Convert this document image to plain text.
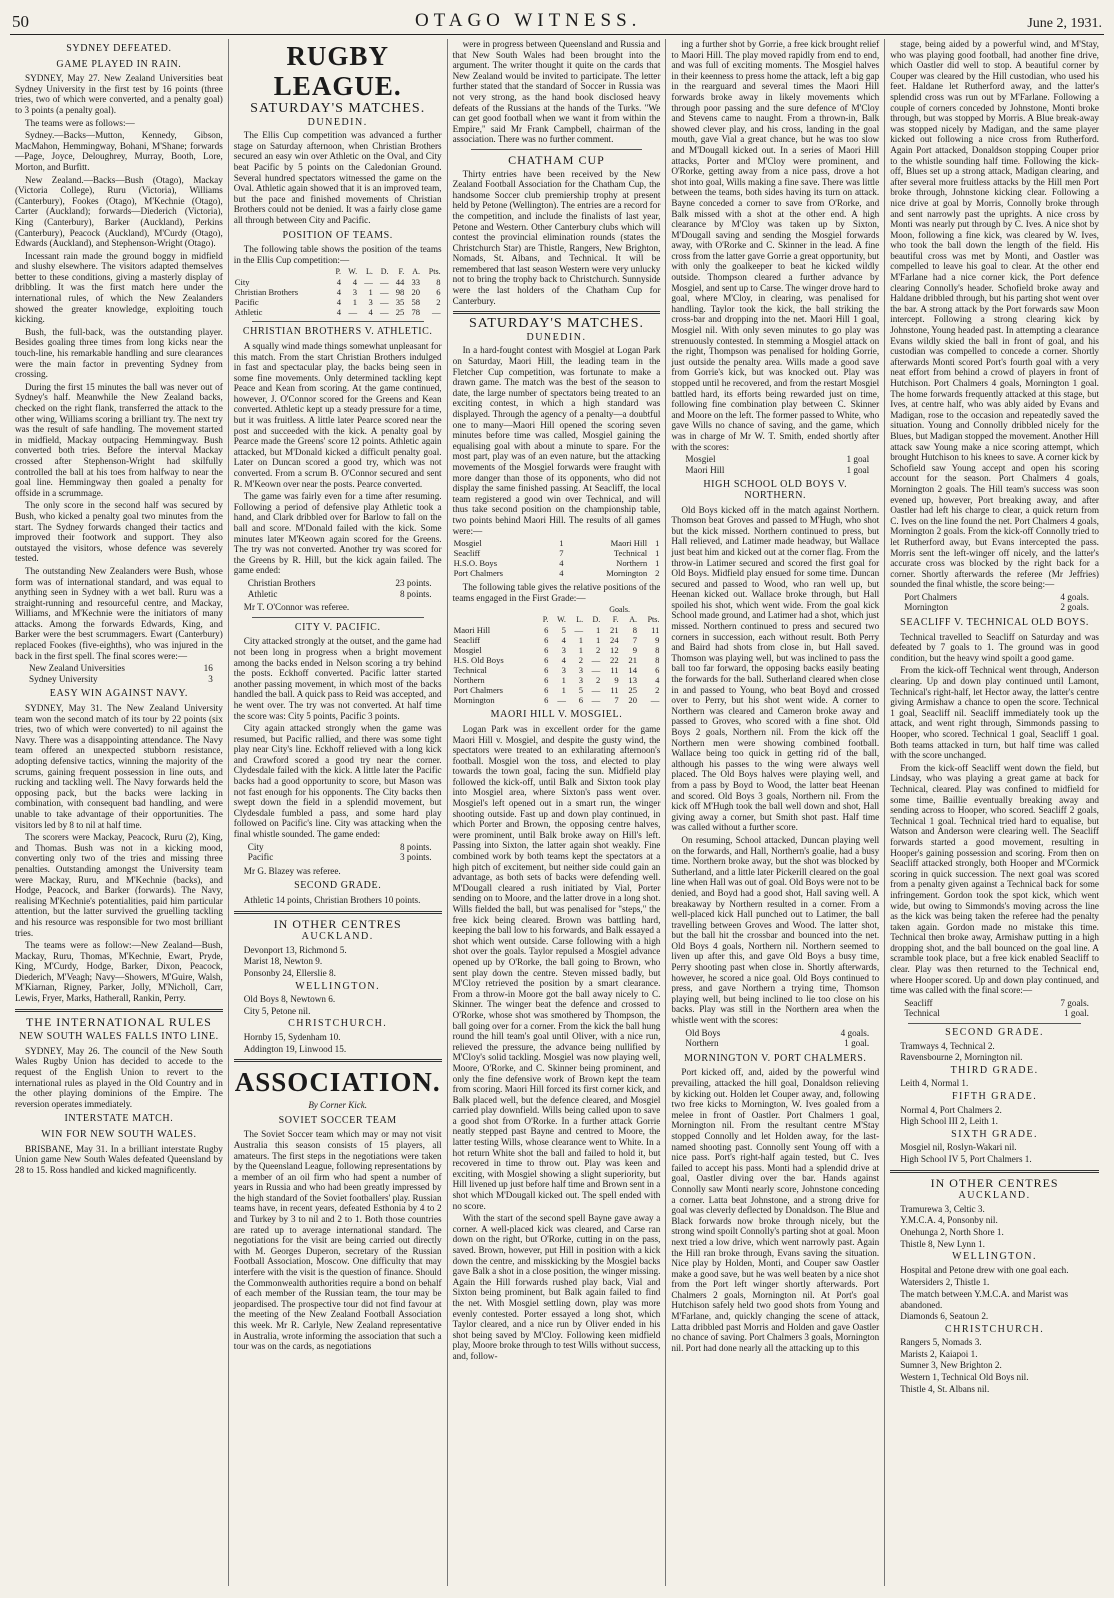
50	OTAGO WITNESS.	June 2, 1931.
SYDNEY DEFEATED.
GAME PLAYED IN RAIN.

SYDNEY, May 27. New Zealand Universities beat Sydney University in the first test by 16 points (three tries, two of which were converted, and a penalty goal) to 3 points (a penalty goal).

The teams were as follows:—

Sydney.—Backs—Mutton, Kennedy, Gibson, MacMahon, Hemmingway, Bohani, M'Shane; forwards—Page, Joyce, Deloughrey, Murray, Booth, Lore, Morton, and Burfitt.

New Zealand.—Backs—Bush (Otago), Mackay (Victoria College), Ruru (Victoria), Williams (Canterbury), Fookes (Otago), M'Kechnie (Otago), Carter (Auckland); forwards—Diederich (Victoria), King (Canterbury), Barker (Auckland), Perkins (Canterbury), Peacock (Auckland), M'Curdy (Otago), Edwards (Auckland), and Stephenson-Wright (Otago).

Incessant rain made the ground boggy in midfield and slushy elsewhere. The visitors adapted themselves better to these conditions, giving a masterly display of dribbling. It was the first match here under the international rules, of which the New Zealanders showed the greater knowledge, exploiting touch kicking.

Bush, the full-back, was the outstanding player. Besides goaling three times from long kicks near the touch-line, his remarkable handling and sure clearances were the main factor in preventing Sydney from crossing.

During the first 15 minutes the ball was never out of Sydney's half. Meanwhile the New Zealand backs, checked on the right flank, transferred the attack to the other wing, Williams scoring a brilliant try. The next try was the result of safe handling. The movement started in midfield, Mackay outpacing Hemmingway. Bush converted both tries. Before the interval Mackay crossed after Stephenson-Wright had skilfully controlled the ball at his toes from halfway to near the goal line. Hemmingway then goaled a penalty for offside in a scrummage.

The only score in the second half was secured by Bush, who kicked a penalty goal two minutes from the start. The Sydney forwards changed their tactics and improved their footwork and support. They also outstayed the visitors, whose defence was severely tested.

The outstanding New Zealanders were Bush, whose form was of international standard, and was equal to anything seen in Sydney with a wet ball. Ruru was a straight-running and resourceful centre, and Mackay, Williams, and M'Kechnie were the initiators of many attacks. Among the forwards Edwards, King, and Barker were the best scrummagers. Ewart (Canterbury) replaced Fookes (five-eighths), who was injured in the back in the first spell. The final scores were:—

New Zealand Universities	16
Sydney University	3
EASY WIN AGAINST NAVY.

SYDNEY, May 31. The New Zealand University team won the second match of its tour by 22 points (six tries, two of which were converted) to nil against the Navy. There was a disappointing attendance. The Navy team offered an unexpected stubborn resistance, adopting defensive tactics, winning the majority of the scrums, gaining frequent possession in line outs, and rucking and tackling well. The Navy forwards held the opposing pack, but the backs were lacking in combination, with consequent bad handling, and were unable to take advantage of their opportunities. The visitors led by 8 to nil at half time.

The scorers were Mackay, Peacock, Ruru (2), King, and Thomas. Bush was not in a kicking mood, converting only two of the tries and missing three penalties. Outstanding amongst the University team were Mackay, Ruru, and M'Kechnie (backs), and Hodge, Peacock, and Barker (forwards). The Navy, realising M'Kechnie's potentialities, paid him particular attention, but the latter survived the gruelling tackling and his resource was responsible for two most brilliant tries.

The teams were as follow:—New Zealand—Bush, Mackay, Ruru, Thomas, M'Kechnie, Ewart, Pryde, King, M'Curdy, Hodge, Barker, Dixon, Peacock, Diederich, M'Veagh; Navy—Showers, M'Guire, Walsh, M'Kiarnan, Rigney, Parker, Jolly, M'Nicholl, Carr, Lewis, Fryer, Marks, Hatherall, Rankin, Perry.

THE INTERNATIONAL RULES
NEW SOUTH WALES FALLS INTO LINE.

SYDNEY, May 26. The council of the New South Wales Rugby Union has decided to accede to the request of the English Union to revert to the international rules as played in the Old Country and in the other playing dominions of the Empire. The reversion operates immediately.

INTERSTATE MATCH.
WIN FOR NEW SOUTH WALES.

BRISBANE, May 31. In a brilliant interstate Rugby Union game New South Wales defeated Queensland by 28 to 15. Ross handled and kicked magnificently.

RUGBY LEAGUE.
SATURDAY'S MATCHES.
DUNEDIN.

The Ellis Cup competition was advanced a further stage on Saturday afternoon, when Christian Brothers secured an easy win over Athletic on the Oval, and City beat Pacific by 5 points on the Caledonian Ground. Several hundred spectators witnessed the game on the Oval. Athletic again showed that it is an improved team, but the pace and finished movements of Christian Brothers could not be denied. It was a fairly close game all through between City and Pacific.

POSITION OF TEAMS.

The following table shows the position of the teams in the Ellis Cup competition:—

	P.	W.	L.	D.	F.	A.	Pts.
City	4	4	—	—	44	33	8
Christian Brothers	4	3	1	—	98	20	6
Pacific	4	1	3	—	35	58	2
Athletic	4	—	4	—	25	78	—
CHRISTIAN BROTHERS V. ATHLETIC.

A squally wind made things somewhat unpleasant for this match. From the start Christian Brothers indulged in fast and spectacular play, the backs being seen in some fine movements. Only determined tackling kept Peace and Kean from scoring. At the game continued, however, J. O'Connor scored for the Greens and Kean converted. Athletic kept up a steady pressure for a time, but it was fruitless. A little later Pearce scored near the post and succeeded with the kick. A penalty goal by Pearce made the Greens' score 12 points. Athletic again attacked, but M'Donald kicked a difficult penalty goal. Later on Duncan scored a good try, which was not converted. From a scrum B. O'Connor secured and sent R. M'Keown over near the posts. Pearce converted.

The game was fairly even for a time after resuming. Following a period of defensive play Athletic took a hand, and Clark dribbled over for Barlow to fall on the ball and score. M'Donald failed with the kick. Some minutes later M'Keown again scored for the Greens. The try was not converted. Another try was scored for the Greens by R. Hill, but the kick again failed. The game ended:

Christian Brothers	23 points.
Athletic	8 points.

Mr T. O'Connor was referee.

CITY V. PACIFIC.

City attacked strongly at the outset, and the game had not been long in progress when a bright movement among the backs ended in Nelson scoring a try behind the posts. Eckhoff converted. Pacific latter started another passing movement, in which most of the backs handled the ball. A quick pass to Reid was accepted, and he went over. The try was not converted. At half time the score was: City 5 points, Pacific 3 points.

City again attacked strongly when the game was resumed, but Pacific rallied, and there was some tight play near City's line. Eckhoff relieved with a long kick and Crawford scored a good try near the corner. Clydesdale failed with the kick. A little later the Pacific backs had a good opportunity to score, but Mason was not fast enough for his opponents. The City backs then swept down the field in a splendid movement, but Clydesdale fumbled a pass, and some hard play followed on Pacific's line. City was attacking when the final whistle sounded. The game ended:

City	8 points.
Pacific	3 points.

Mr G. Blazey was referee.

SECOND GRADE.

Athletic 14 points, Christian Brothers 10 points.

IN OTHER CENTRES
AUCKLAND.
Devonport 13, Richmond 5.
Marist 18, Newton 9.
Ponsonby 24, Ellerslie 8.
WELLINGTON.
Old Boys 8, Newtown 6.
City 5, Petone nil.
CHRISTCHURCH.
Hornby 15, Sydenham 10.
Addington 19, Linwood 15.
ASSOCIATION.
By Corner Kick.
SOVIET SOCCER TEAM

The Soviet Soccer team which may or may not visit Australia this season consists of 15 players, all amateurs. The first steps in the negotiations were taken by the Queensland League, following representations by a member of an oil firm who had spent a number of years in Russia and who had been greatly impressed by the high standard of the Soviet footballers' play. Russian teams have, in recent years, defeated Esthonia by 4 to 2 and Turkey by 3 to nil and 2 to 1. Both those countries are rated up to average international standard. The negotiations for the visit are being carried out directly with M. Georges Duperon, secretary of the Russian Football Association, Moscow. One difficulty that may interfere with the visit is the question of finance. Should the Commonwealth authorities require a bond on behalf of each member of the Russian team, the tour may be jeopardised. The prospective tour did not find favour at the meeting of the New Zealand Football Association this week. Mr R. Carlyle, New Zealand representative in Australia, wrote informing the association that such a tour was on the cards, as negotiations

were in progress between Queensland and Russia and that New South Wales had been brought into the argument. The writer thought it quite on the cards that New Zealand would be invited to participate. The letter further stated that the standard of Soccer in Russia was not very strong, as the hand book disclosed heavy defeats of the Russians at the hands of the Turks. "We can get good football when we want it from within the Empire," said Mr Frank Campbell, chairman of the association. There was no further comment.

CHATHAM CUP

Thirty entries have been received by the New Zealand Football Association for the Chatham Cup, the handsome Soccer club premiership trophy at present held by Petone (Wellington). The entries are a record for the competition, and include the finalists of last year, Petone and Western. Other Canterbury clubs which will contest the provincial elimination rounds (states the Christchurch Star) are Thistle, Rangers, New Brighton, Nomads, St. Albans, and Technical. It will be remembered that last season Western were very unlucky not to bring the trophy back to Christchurch. Sunnyside were the last holders of the Chatham Cup for Canterbury.

SATURDAY'S MATCHES.
DUNEDIN.

In a hard-fought contest with Mosgiel at Logan Park on Saturday, Maori Hill, the leading team in the Fletcher Cup competition, was fortunate to make a drawn game. The match was the best of the season to date, the large number of spectators being treated to an exciting contest, in which a high standard was displayed. Through the agency of a penalty—a doubtful one to many—Maori Hill opened the scoring seven minutes before time was called, Mosgiel gaining the equalising goal with about a minute to spare. For the most part, play was of an even nature, but the attacking movements of the Mosgiel forwards were fraught with more danger than those of its opponents, who did not display the same finished passing. At Seacliff, the local team registered a good win over Technical, and will thus take second position on the championship table, two points behind Maori Hill. The results of all games were:—

Mosgiel	1	Maori Hill	1
Seacliff	7	Technical	1
H.S.O. Boys	4	Northern	1
Port Chalmers	4	Mornington	2

The following table gives the relative positions of the teams engaged in the First Grade:—

					Goals.		
	P.	W.	L.	D.	F.	A.	Pts.
Maori Hill	6	5	—	1	21	8	11
Seacliff	6	4	1	1	24	7	9
Mosgiel	6	3	1	2	12	9	8
H.S. Old Boys	6	4	2	—	22	21	8
Technical	6	3	3	—	11	14	6
Northern	6	1	3	2	9	13	4
Port Chalmers	6	1	5	—	11	25	2
Mornington	6	—	6	—	7	20	—
MAORI HILL V. MOSGIEL.

Logan Park was in excellent order for the game Maori Hill v. Mosgiel, and despite the gusty wind, the spectators were treated to an exhilarating afternoon's football. Mosgiel won the toss, and elected to play towards the town goal, facing the sun. Midfield play followed the kick-off, until Balk and Sixton took play into Mosgiel area, where Sixton's pass went over. Mosgiel's left opened out in a smart run, the winger shooting outside. Fast up and down play continued, in which Porter and Brown, the opposing centre halves, were prominent, until Balk broke away on Hill's left. Passing into Sixton, the latter again shot weakly. Fine combined work by both teams kept the spectators at a high pitch of excitement, but neither side could gain an advantage, as both sets of backs were defending well. M'Dougall cleared a rush initiated by Vial, Porter sending on to Moore, and the latter drove in a long shot. Wills fielded the ball, but was penalised for "steps," the free kick being cleared. Brown was battling hard, keeping the ball low to his forwards, and Balk essayed a shot which went outside. Carse following with a high shot over the goals. Taylor repulsed a Mosgiel advance opened up by O'Rorke, the ball going to Brown, who sent play down the centre. Steven missed badly, but M'Cloy retrieved the position by a smart clearance. From a throw-in Moore got the ball away nicely to C. Skinner. The winger beat the defence and crossed to O'Rorke, whose shot was smothered by Thompson, the ball going over for a corner. From the kick the ball hung round the hill team's goal until Oliver, with a nice run, relieved the pressure, the advance being nullified by M'Cloy's solid tackling. Mosgiel was now playing well, Moore, O'Rorke, and C. Skinner being prominent, and only the fine defensive work of Brown kept the team from scoring. Maori Hill forced its first corner kick, and Balk placed well, but the defence cleared, and Mosgiel carried play downfield. Wills being called upon to save a good shot from O'Rorke. In a further attack Gorrie neatly stepped past Bayne and centred to Moore, the latter testing Wills, whose clearance went to White. In a hot return White shot the ball and failed to hold it, but recovered in time to throw out. Play was keen and exciting, with Mosgiel showing a slight superiority, but Hill livened up just before half time and Brown sent in a shot which M'Dougall kicked out. The spell ended with no score.

With the start of the second spell Bayne gave away a corner. A well-placed kick was cleared, and Carse ran down on the right, but O'Rorke, cutting in on the pass, saved. Brown, however, put Hill in position with a kick down the centre, and misskicking by the Mosgiel backs gave Balk a shot in a close position, the winger missing. Again the Hill forwards rushed play back, Vial and Sixton being prominent, but Balk again failed to find the net. With Mosgiel settling down, play was more evenly contested. Porter essayed a long shot, which Taylor cleared, and a nice run by Oliver ended in his shot being saved by M'Cloy. Following keen midfield play, Moore broke through to test Wills without success, and, follow-

ing a further shot by Gorrie, a free kick brought relief to Maori Hill. The play moved rapidly from end to end, and was full of exciting moments. The Mosgiel halves in their keenness to press home the attack, left a big gap in the rearguard and several times the Maori Hill forwards broke away in likely movements which through poor passing and the sure defence of M'Cloy and Stevens came to naught. From a thrown-in, Balk showed clever play, and his cross, landing in the goal mouth, gave Vial a great chance, but he was too slow and M'Dougall kicked out. In a series of Maori Hill attacks, Porter and M'Cloy were prominent, and O'Rorke, getting away from a nice pass, drove a hot shot into goal, Wills making a fine save. There was little between the teams, both sides having its turn on attack. Bayne conceded a corner to save from O'Rorke, and Balk missed with a shot at the other end. A high clearance by M'Cloy was taken up by Sixton, M'Dougall saving and sending the Mosgiel forwards away, with O'Rorke and C. Skinner in the lead. A fine cross from the latter gave Gorrie a great opportunity, but with only the goalkeeper to beat he kicked wildly outside. Thompson cleared a further advance by Mosgiel, and sent up to Carse. The winger drove hard to goal, where M'Cloy, in clearing, was penalised for handling. Taylor took the kick, the ball striking the cross-bar and dropping into the net. Maori Hill 1 goal, Mosgiel nil. With only seven minutes to go play was strenuously contested. In stemming a Mosgiel attack on the right, Thompson was penalised for holding Gorrie, just outside the penalty area. Wills made a good save from Gorrie's kick, but was knocked out. Play was stopped until he recovered, and from the restart Mosgiel battled hard, its efforts being rewarded just on time, following fine combination play between C. Skinner and Moore on the left. The former passed to White, who gave Wills no chance of saving, and the game, which was in charge of Mr W. T. Smith, ended shortly after with the scores:

Mosgiel	1 goal
Maori Hill	1 goal
HIGH SCHOOL OLD BOYS V. NORTHERN.

Old Boys kicked off in the match against Northern. Thomson beat Groves and passed to M'Hugh, who shot but the kick missed. Northern continued to press, but Hall relieved, and Latimer made headway, but Wallace just beat him and kicked out at the corner flag. From the throw-in Latimer secured and scored the first goal for Old Boys. Midfield play ensued for some time. Duncan secured and passed to Wood, who ran well up, but Heenan kicked out. Wallace broke through, but Hall spoiled his shot, which went wide. From the goal kick School made ground, and Latimer had a shot, which just missed. Northern continued to press and secured two corners in succession, each without result. Both Perry and Baird had shots from close in, but Hall saved. Thomson was playing well, but was inclined to pass the ball too far forward, the opposing backs easily beating the forwards for the ball. Sutherland cleared when close in and passed to Young, who beat Boyd and crossed over to Perry, but his shot went wide. A corner to Northern was cleared and Cameron broke away and passed to Groves, who scored with a fine shot. Old Boys 2 goals, Northern nil. From the kick off the Northern men were showing combined football. Wallace being too quick in getting rid of the ball, although his passes to the wing were always well placed. The Old Boys halves were playing well, and from a pass by Boyd to Wood, the latter beat Heenan and scored. Old Boys 3 goals, Northern nil. From the kick off M'Hugh took the ball well down and shot, Hall giving away a corner, but Smith shot past. Half time was called without a further score.

On resuming, School attacked, Duncan playing well on the forwards, and Hall, Northern's goalie, had a busy time. Northern broke away, but the shot was blocked by Sutherland, and a little later Pickerill cleared on the goal line when Hall was out of goal. Old Boys were not to be denied, and Boyd had a good shot, Hall saving well. A breakaway by Northern resulted in a corner. From a well-placed kick Hall punched out to Latimer, the ball travelling between Groves and Wood. The latter shot, but the ball hit the crossbar and bounced into the net. Old Boys 4 goals, Northern nil. Northern seemed to liven up after this, and gave Old Boys a busy time, Perry shooting past when close in. Shortly afterwards, however, he scored a nice goal. Old Boys continued to press, and gave Northern a trying time, Thomson playing well, but being inclined to lie too close on his backs. Play was still in the Northern area when the whistle went with the scores:

Old Boys	4 goals.
Northern	1 goal.
MORNINGTON V. PORT CHALMERS.

Port kicked off, and, aided by the powerful wind prevailing, attacked the hill goal, Donaldson relieving by kicking out. Holden let Couper away, and, following two free kicks to Mornington, W. Ives goaled from a melee in front of Oastler. Port Chalmers 1 goal, Mornington nil. From the resultant centre M'Stay stopped Connolly and let Holden away, for the last-named shooting past. Connolly sent Young off with a nice pass. Port's right-half again tested, but C. Ives failed to accept his pass. Monti had a splendid drive at goal, Oastler diving over the bar. Hands against Connolly saw Monti nearly score, Johnstone conceding a corner. Latta beat Johnstone, and a strong drive for goal was cleverly deflected by Donaldson. The Blue and Black forwards now broke through nicely, but the strong wind spoilt Connolly's parting shot at goal. Moon next tried a low drive, which went narrowly past. Again the Hill ran broke through, Evans saving the situation. Nice play by Holden, Monti, and Couper saw Oastler make a good save, but he was well beaten by a nice shot from the Port left winger shortly afterwards. Port Chalmers 2 goals, Mornington nil. At Port's goal Hutchison safely held two good shots from Young and M'Farlane, and, quickly changing the scene of attack, Latta dribbled past Morris and Holden and gave Oastler no chance of saving. Port Chalmers 3 goals, Mornington nil. Port had done nearly all the attacking up to this

stage, being aided by a powerful wind, and M'Stay, who was playing good football, had another fine drive, which Oastler did well to stop. A beautiful corner by Couper was cleared by the Hill custodian, who used his feet. Haldane let Rutherford away, and the latter's splendid cross was run out by M'Farlane. Following a couple of corners conceded by Johnstone, Monti broke through, but was stopped by Morris. A Blue break-away was stopped nicely by Madigan, and the same player kicked out following a nice cross from Rutherford. Again Port attacked, Donaldson stopping Couper prior to the whistle sounding half time. Following the kick-off, Blues set up a strong attack, Madigan clearing, and after several more fruitless attacks by the Hill men Port broke through, Johnstone kicking clear. Following a nice drive at goal by Morris, Connolly broke through and sent narrowly past the uprights. A nice cross by Monti was nearly put through by C. Ives. A nice shot by Moon, following a fine kick, was cleared by W. Ives, who took the ball down the length of the field. His beautiful cross was met by Monti, and Oastler was compelled to leave his goal to clear. At the other end M'Farlane had a nice corner kick, the Port defence clearing Connolly's header. Schofield broke away and Haldane dribbled through, but his parting shot went over the bar. A strong attack by the Port forwards saw Moon intercept. Following a strong clearing kick by Johnstone, Young headed past. In attempting a clearance Evans wildly skied the ball in front of goal, and his custodian was compelled to concede a corner. Shortly afterwards Monti scored Port's fourth goal with a very neat effort from behind a crowd of players in front of Hutchison. Port Chalmers 4 goals, Mornington 1 goal. The home forwards frequently attacked at this stage, but Ives, at centre half, who was ably aided by Evans and Madigan, rose to the occasion and repeatedly saved the situation. Young and Connolly dribbled nicely for the Blues, but Madigan stopped the movement. Another Hill attack saw Young make a nice scoring attempt, which brought Hutchison to his knees to save. A corner kick by Schofield saw Young accept and open his scoring account for the season. Port Chalmers 4 goals, Mornington 2 goals. The Hill team's success was soon evened up, however, Port breaking away, and after Oastler had left his charge to clear, a quick return from C. Ives on the line found the net. Port Chalmers 4 goals, Mornington 2 goals. From the kick-off Connolly tried to let Rutherford away, but Evans intercepted the pass. Morris sent the left-winger off nicely, and the latter's accurate cross was blocked by the right back for a corner. Shortly afterwards the referee (Mr Jeffries) sounded the final whistle, the score being:—

Port Chalmers	4 goals.
Mornington	2 goals.
SEACLIFF V. TECHNICAL OLD BOYS.

Technical travelled to Seacliff on Saturday and was defeated by 7 goals to 1. The ground was in good condition, but the heavy wind spoilt a good game.

From the kick-off Technical went through, Anderson clearing. Up and down play continued until Lamont, Technical's right-half, let Hector away, the latter's centre giving Armishaw a chance to open the score. Technical 1 goal, Seacliff nil. Seacliff immediately took up the attack, and went right through, Simmonds passing to Hooper, who scored. Technical 1 goal, Seacliff 1 goal. Both teams attacked in turn, but half time was called with the score unchanged.

From the kick-off Seacliff went down the field, but Lindsay, who was playing a great game at back for Technical, cleared. Play was confined to midfield for some time, Baillie eventually breaking away and sending across to Hooper, who scored. Seacliff 2 goals, Technical 1 goal. Technical tried hard to equalise, but Watson and Anderson were clearing well. The Seacliff forwards started a good movement, resulting in Hooper's gaining possession and scoring. From then on Seacliff attacked strongly, both Hooper and M'Cormick scoring in quick succession. The next goal was scored from a penalty given against a Technical back for some infringement. Gordon took the spot kick, which went wide, but owing to Simmonds's moving across the line as the kick was being taken the referee had the penalty taken again. Gordon made no mistake this time. Technical then broke away, Armishaw putting in a high dropping shot, and the ball bounced on the goal line. A scramble took place, but a free kick enabled Seacliff to clear. Play was then returned to the Technical end, where Hooper scored. Up and down play continued, and time was called with the final score:—

Seacliff	7 goals.
Technical	1 goal.
SECOND GRADE.
Tramways 4, Technical 2.
Ravensbourne 2, Mornington nil.
THIRD GRADE.
Leith 4, Normal 1.
FIFTH GRADE.
Normal 4, Port Chalmers 2.
High School III 2, Leith 1.
SIXTH GRADE.
Mosgiel nil, Roslyn-Wakari nil.
High School IV 5, Port Chalmers 1.
IN OTHER CENTRES
AUCKLAND.
Tramurewa 3, Celtic 3.
Y.M.C.A. 4, Ponsonby nil.
Onehunga 2, North Shore 1.
Thistle 8, New Lynn 1.
WELLINGTON.

Hospital and Petone drew with one goal each.

Watersiders 2, Thistle 1.
The match between Y.M.C.A. and Marist was abandoned.
Diamonds 6, Seatoun 2.
CHRISTCHURCH.
Rangers 5, Nomads 3.
Marists 2, Kaiapoi 1.
Sumner 3, New Brighton 2.
Western 1, Technical Old Boys nil.
Thistle 4, St. Albans nil.
